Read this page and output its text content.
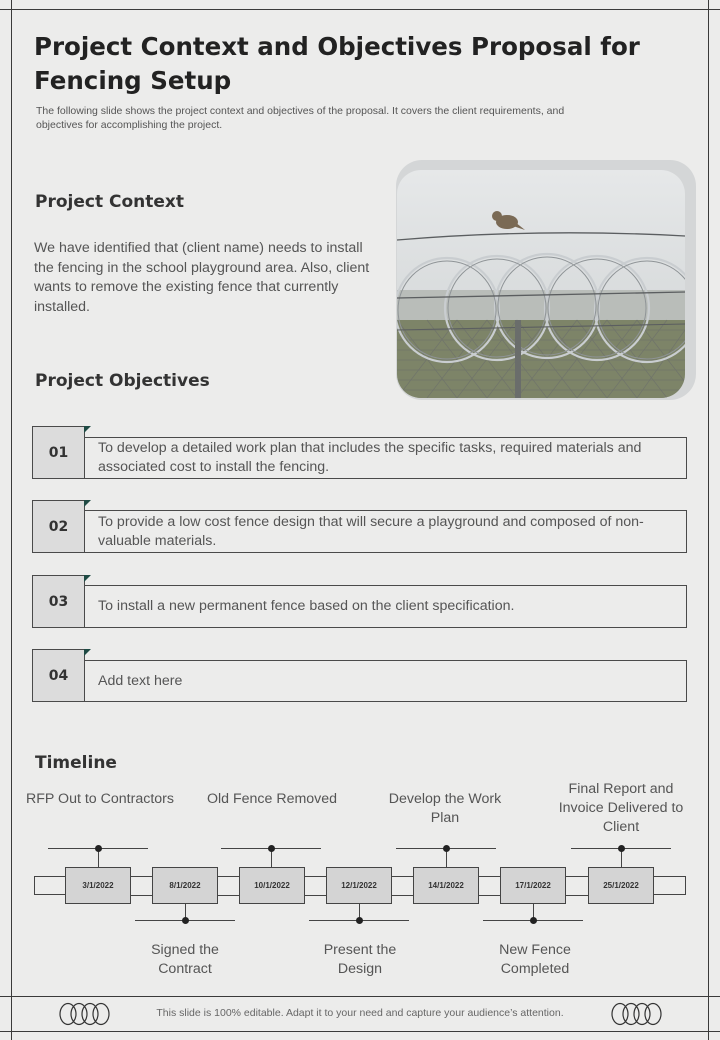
Project Context and Objectives Proposal for Fencing Setup
The following slide shows the project context and objectives of the proposal. It covers the client requirements, and objectives for accomplishing the project.
Project Context
We have identified that (client name) needs to install the fencing in the school playground area. Also, client wants to remove the existing fence that currently installed.
Project Objectives
To develop a detailed work plan that includes the specific tasks, required materials and associated cost to install the fencing.
01
To provide a low cost fence design that will secure a playground and composed of non-valuable materials.
02
To install a new permanent fence based on the client specification.
03
Add text here
04
Timeline
3/1/2022	8/1/2022	10/1/2022	12/1/2022	14/1/2022	17/1/2022	25/1/2022
RFP Out to Contractors	Old Fence Removed	Develop the Work Plan
Final Report and Invoice Delivered to Client
Signed the Contract
Present the Design
New Fence Completed
This slide is 100% editable. Adapt it to your need and capture your audience’s attention.
